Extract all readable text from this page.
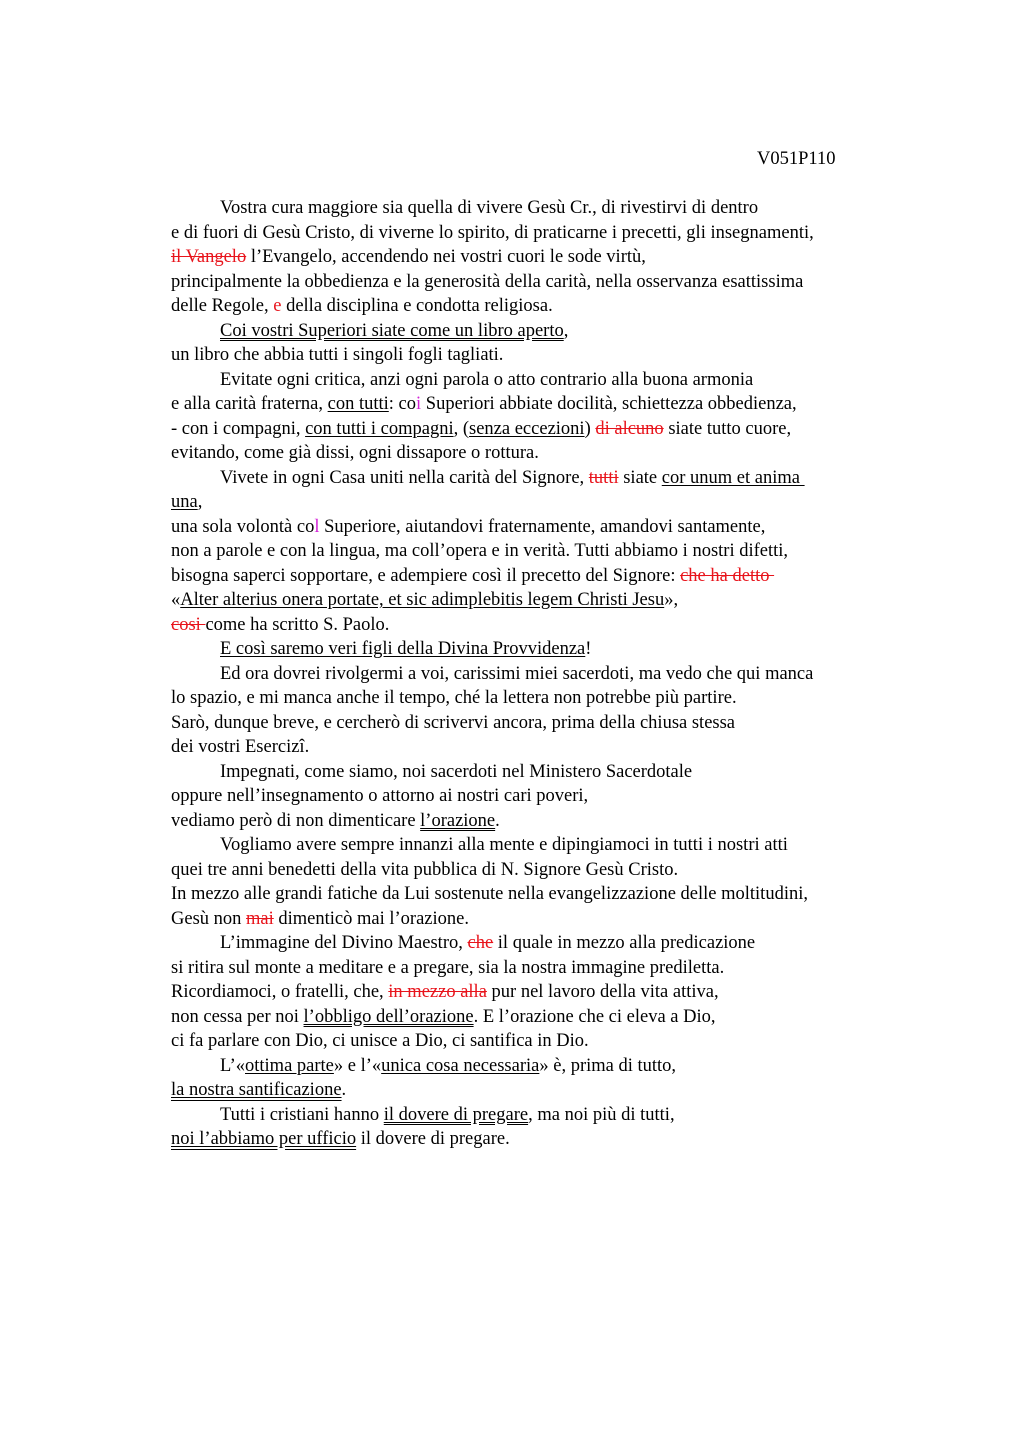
V051P110
Vostra cura maggiore sia quella di vivere Gesù Cr., di rivestirvi di dentro
e di fuori di Gesù Cristo, di viverne lo spirito, di praticarne i precetti, gli insegnamenti,
il Vangelo l’Evangelo, accendendo nei vostri cuori le sode virtù,
principalmente la obbedienza e la generosità della carità, nella osservanza esattissima
delle Regole, e della disciplina e condotta religiosa.
Coi vostri Superiori siate come un libro aperto,
un libro che abbia tutti i singoli fogli tagliati.
Evitate ogni critica, anzi ogni parola o atto contrario alla buona armonia
e alla carità fraterna, con tutti: coi Superiori abbiate docilità, schiettezza obbedienza,
- con i compagni, con tutti i compagni, (senza eccezioni) di alcuno siate tutto cuore,
evitando, come già dissi, ogni dissapore o rottura.
Vivete in ogni Casa uniti nella carità del Signore, tutti siate cor unum et anima
una,
una sola volontà col Superiore, aiutandovi fraternamente, amandovi santamente,
non a parole e con la lingua, ma coll’opera e in verità. Tutti abbiamo i nostri difetti,
bisogna saperci sopportare, e adempiere così il precetto del Signore: che ha detto
«Alter alterius onera portate, et sic adimplebitis legem Christi Jesu»,
cosi come ha scritto S. Paolo.
E così saremo veri figli della Divina Provvidenza!
Ed ora dovrei rivolgermi a voi, carissimi miei sacerdoti, ma vedo che qui manca
lo spazio, e mi manca anche il tempo, ché la lettera non potrebbe più partire.
Sarò, dunque breve, e cercherò di scrivervi ancora, prima della chiusa stessa
dei vostri Esercizî.
Impegnati, come siamo, noi sacerdoti nel Ministero Sacerdotale
oppure nell’insegnamento o attorno ai nostri cari poveri,
vediamo però di non dimenticare l’orazione.
Vogliamo avere sempre innanzi alla mente e dipingiamoci in tutti i nostri atti
quei tre anni benedetti della vita pubblica di N. Signore Gesù Cristo.
In mezzo alle grandi fatiche da Lui sostenute nella evangelizzazione delle moltitudini,
Gesù non mai dimenticò mai l’orazione.
L’immagine del Divino Maestro, che il quale in mezzo alla predicazione
si ritira sul monte a meditare e a pregare, sia la nostra immagine prediletta.
Ricordiamoci, o fratelli, che, in mezzo alla pur nel lavoro della vita attiva,
non cessa per noi l’obbligo dell’orazione. E l’orazione che ci eleva a Dio,
ci fa parlare con Dio, ci unisce a Dio, ci santifica in Dio.
L’«ottima parte» e l’«unica cosa necessaria» è, prima di tutto,
la nostra santificazione.
Tutti i cristiani hanno il dovere di pregare, ma noi più di tutti,
noi l’abbiamo per ufficio il dovere di pregare.
